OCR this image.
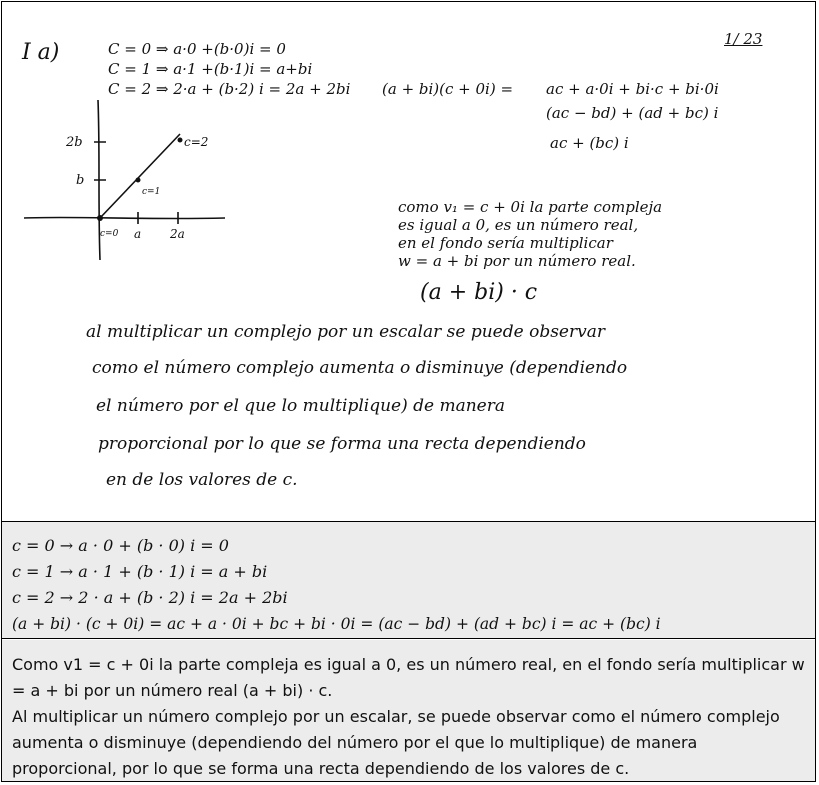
I a)
1/ 23
C = 0 ⇒ a·0 +(b·0)i = 0
C = 1 ⇒ a·1 +(b·1)i = a+bi
C = 2 ⇒ 2·a + (b·2) i = 2a + 2bi (a + bi)(c + 0i) = ac + a·0i + bi·c + bi·0i
(ac − bd) + (ad + bc) i
ac + (bc) i
2b
b
a 2a
c=0
c=1
c=2
como v₁ = c + 0i la parte compleja
es igual a 0, es un número real,
en el fondo sería multiplicar
w = a + bi por un número real.
(a + bi) · c
al multiplicar un complejo por un escalar se puede observar
como el número complejo aumenta o disminuye (dependiendo
el número por el que lo multiplique) de manera
proporcional por lo que se forma una recta dependiendo
en de los valores de c.

c = 0 → a · 0 + (b · 0) i = 0

c = 1 → a · 1 + (b · 1) i = a + bi

c = 2 → 2 · a + (b · 2) i = 2a + 2bi

(a + bi) · (c + 0i) = ac + a · 0i + bc + bi · 0i = (ac − bd) + (ad + bc) i = ac + (bc) i

Como v1 = c + 0i la parte compleja es igual a 0, es un número real, en el fondo sería multiplicar w = a + bi por un número real (a + bi) · c.

Al multiplicar un número complejo por un escalar, se puede observar como el número complejo aumenta o disminuye (dependiendo del número por el que lo multiplique) de manera proporcional, por lo que se forma una recta dependiendo de los valores de c.
